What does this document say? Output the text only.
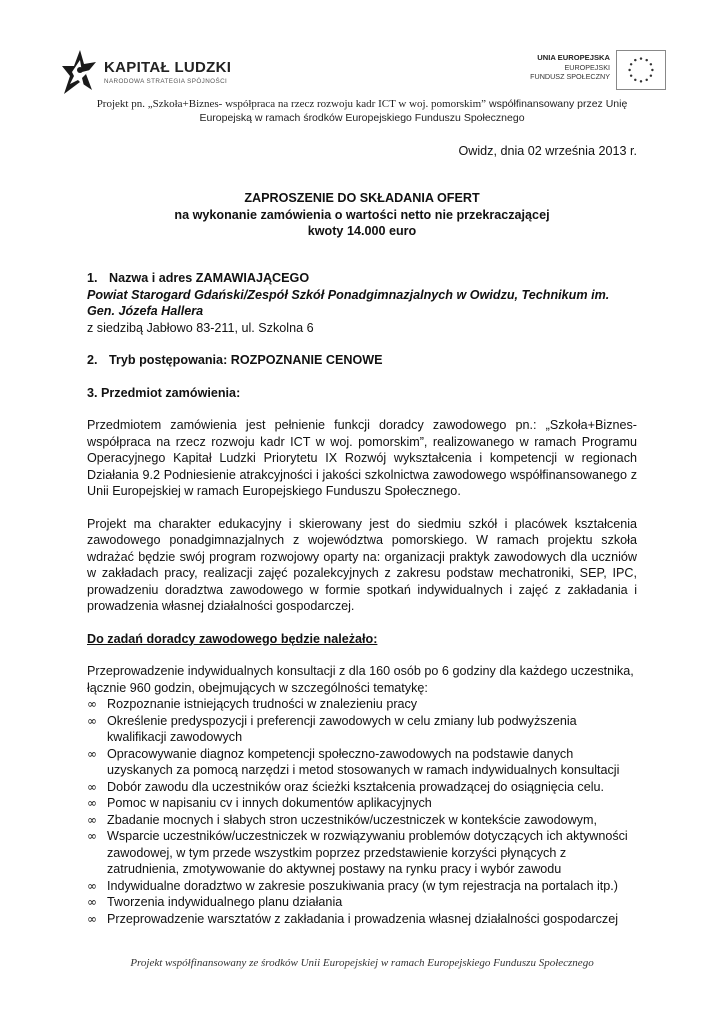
KAPITAŁ LUDZKI
NARODOWA STRATEGIA SPÓJNOŚCI
UNIA EUROPEJSKA
EUROPEJSKI
FUNDUSZ SPOŁECZNY
Projekt pn. „Szkoła+Biznes- współpraca na rzecz rozwoju kadr ICT w woj. pomorskim” współfinansowany przez Unię
Europejską w ramach środków Europejskiego Funduszu Społecznego
Owidz, dnia 02 września 2013 r.
ZAPROSZENIE DO SKŁADANIA OFERT
na wykonanie zamówienia o wartości netto nie przekraczającej
kwoty 14.000 euro
1. Nazwa i adres ZAMAWIAJĄCEGO
Powiat Starogard Gdański/Zespół Szkół Ponadgimnazjalnych w Owidzu, Technikum im. Gen. Józefa Hallera
z siedzibą Jabłowo 83-211, ul. Szkolna 6
2. Tryb postępowania: ROZPOZNANIE CENOWE
3. Przedmiot zamówienia:
Przedmiotem zamówienia jest pełnienie funkcji doradcy zawodowego pn.: „Szkoła+Biznes- współpraca na rzecz rozwoju kadr ICT w woj. pomorskim”, realizowanego w ramach Programu Operacyjnego Kapitał Ludzki Priorytetu IX Rozwój wykształcenia i kompetencji w regionach Działania 9.2 Podniesienie atrakcyjności i jakości szkolnictwa zawodowego współfinansowanego z Unii Europejskiej w ramach Europejskiego Funduszu Społecznego.
Projekt ma charakter edukacyjny i skierowany jest do siedmiu szkół i placówek kształcenia zawodowego ponadgimnazjalnych z województwa pomorskiego. W ramach projektu szkoła wdrażać będzie swój program rozwojowy oparty na: organizacji praktyk zawodowych dla uczniów w zakładach pracy, realizacji zajęć pozalekcyjnych z zakresu podstaw mechatroniki, SEP, IPC, prowadzeniu doradztwa zawodowego w formie spotkań indywidualnych i zajęć z zakładania i prowadzenia własnej działalności gospodarczej.
Do zadań doradcy zawodowego będzie należało:
Przeprowadzenie indywidualnych konsultacji z dla 160 osób po 6 godziny dla każdego uczestnika, łącznie 960 godzin, obejmujących w szczególności tematykę:
∞ Rozpoznanie istniejących trudności w znalezieniu pracy
∞ Określenie predyspozycji i preferencji zawodowych w celu zmiany lub podwyższenia kwalifikacji zawodowych
∞ Opracowywanie diagnoz kompetencji społeczno-zawodowych na podstawie danych uzyskanych za pomocą narzędzi i metod stosowanych w ramach indywidualnych konsultacji
∞ Dobór zawodu dla uczestników oraz ścieżki kształcenia prowadzącej do osiągnięcia celu.
∞ Pomoc w napisaniu cv i innych dokumentów aplikacyjnych
∞ Zbadanie mocnych i słabych stron uczestników/uczestniczek w kontekście zawodowym,
∞ Wsparcie uczestników/uczestniczek w rozwiązywaniu problemów dotyczących ich aktywności zawodowej, w tym przede wszystkim poprzez przedstawienie korzyści płynących z zatrudnienia, zmotywowanie do aktywnej postawy na rynku pracy i wybór zawodu
∞ Indywidualne doradztwo w zakresie poszukiwania pracy (w tym rejestracja na portalach itp.)
∞ Tworzenia indywidualnego planu działania
∞ Przeprowadzenie warsztatów z zakładania i prowadzenia własnej działalności gospodarczej
Projekt współfinansowany ze środków Unii Europejskiej w ramach Europejskiego Funduszu Społecznego
